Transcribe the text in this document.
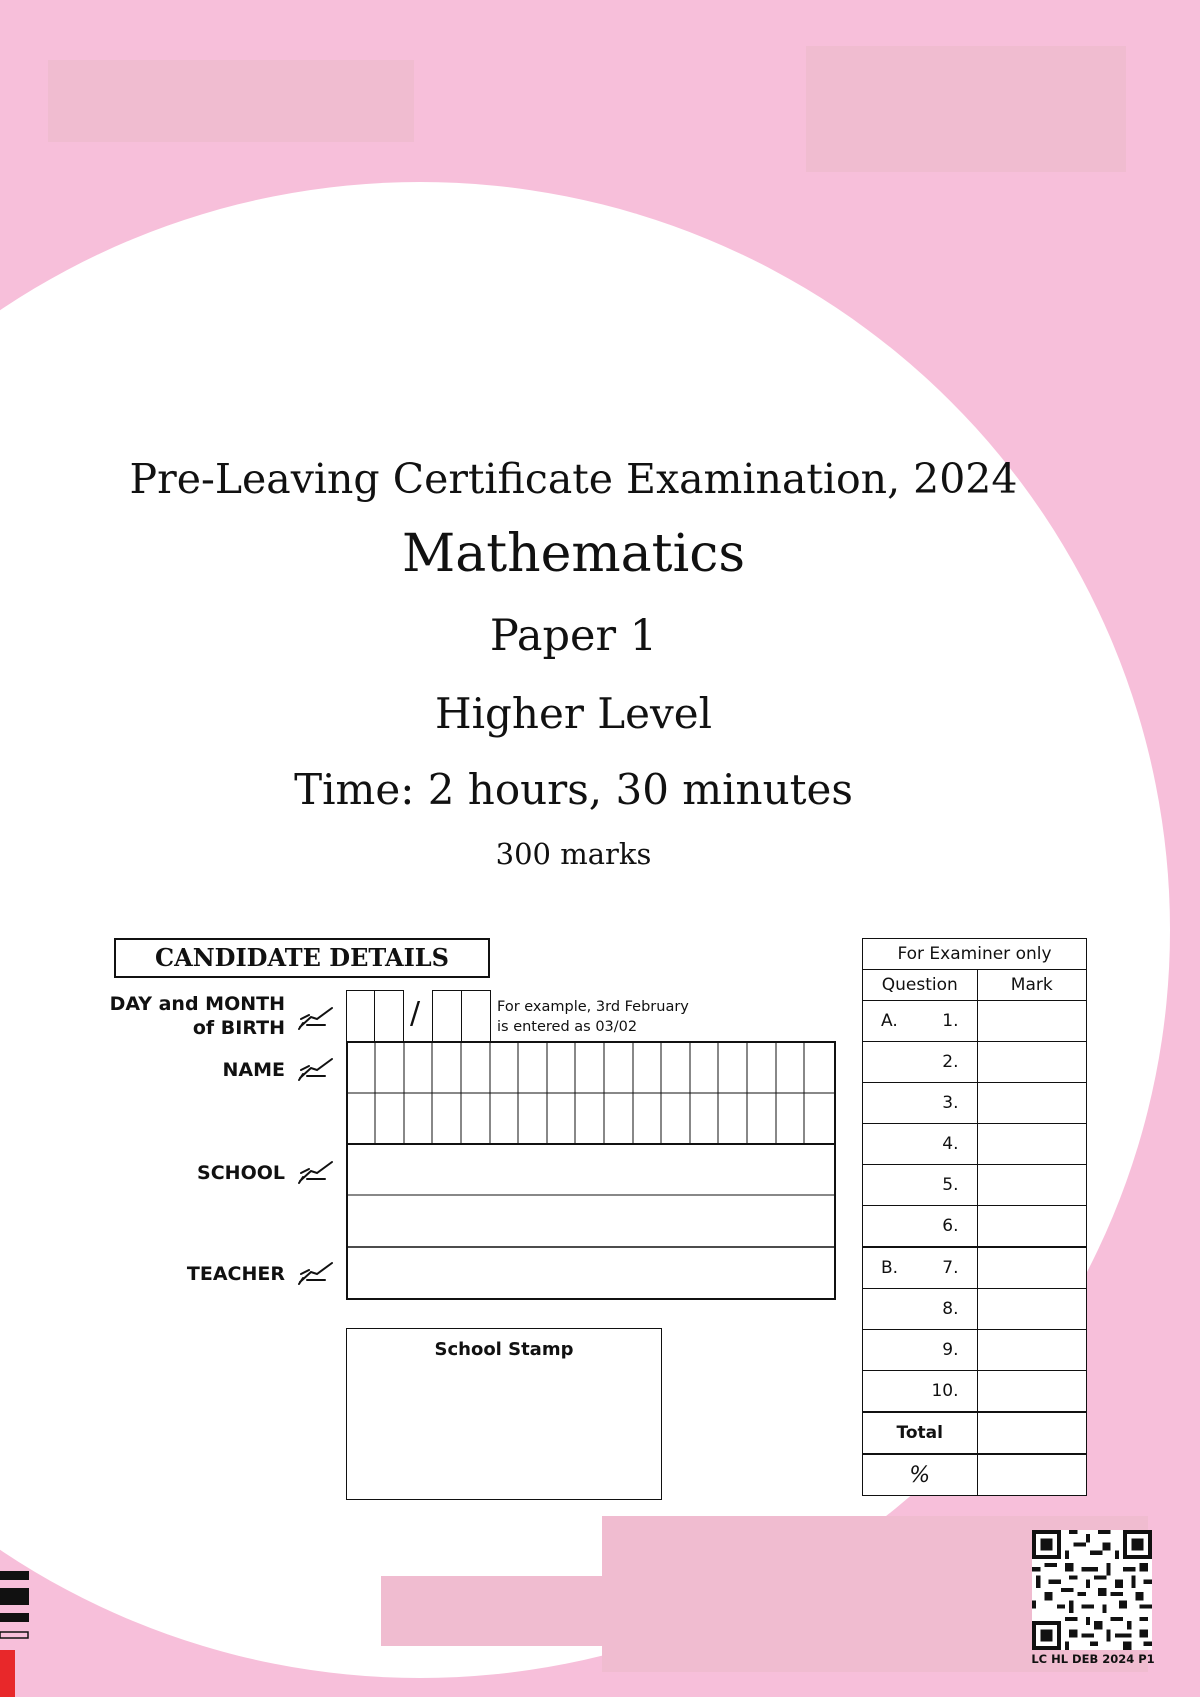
Pre-Leaving Certificate Examination, 2024
Mathematics
Paper 1
Higher Level
Time: 2 hours, 30 minutes
300 marks
CANDIDATE DETAILS
DAY and MONTH
of BIRTH
NAME
SCHOOL
TEACHER
/	For example, 3rd February
is entered as 03/02
School Stamp
For Examiner only	
Question	Mark

A. 1.	

2.	

3.	

4.	

5.	

6.	

B. 7.	

8.	

9.	

10.	

Total	
%	
LC HL DEB 2024 P1
